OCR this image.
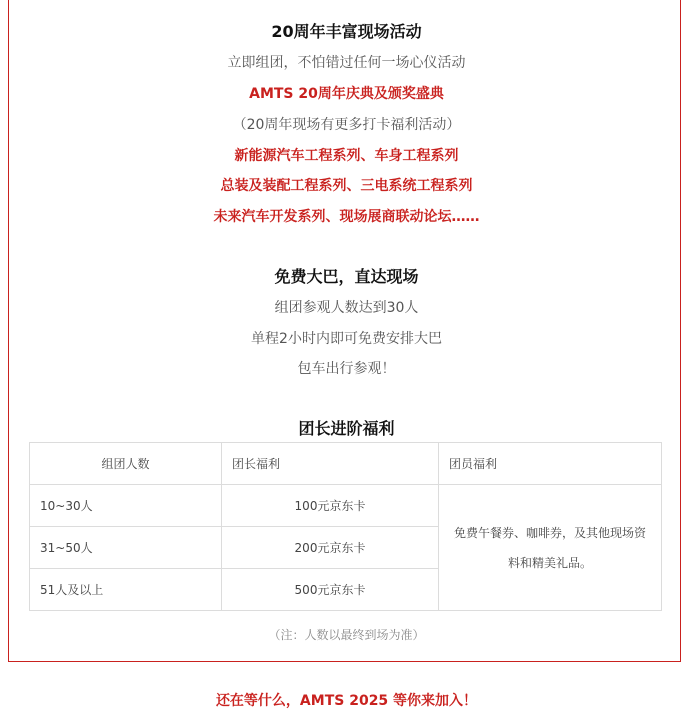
20周年丰富现场活动
立即组团，不怕错过任何一场心仪活动
AMTS 20周年庆典及颁奖盛典
（20周年现场有更多打卡福利活动）
新能源汽车工程系列、车身工程系列
总装及装配工程系列、三电系统工程系列
未来汽车开发系列、现场展商联动论坛……
免费大巴，直达现场
组团参观人数达到30人
单程2小时内即可免费安排大巴
包车出行参观！
团长进阶福利
组团人数	团长福利	团员福利
10~30人	100元京东卡	免费午餐券、咖啡券，及其他现场资料和精美礼品。
31~50人	200元京东卡	
51人及以上	500元京东卡	
（注：人数以最终到场为准）
还在等什么，AMTS 2025 等你来加入！
